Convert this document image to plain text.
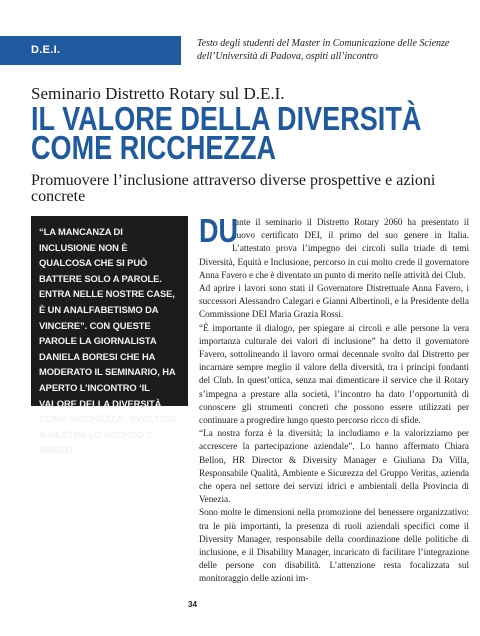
D.E.I.
Testo degli studenti del Master in Comunicazione delle Scienze dell’Università di Padova, ospiti all’incontro
Seminario Distretto Rotary sul D.E.I.
IL VALORE DELLA DIVERSITÀ
COME RICCHEZZA
Promuovere l’inclusione attraverso diverse prospettive e azioni concrete
“LA MANCANZA DI INCLUSIONE NON È QUALCOSA CHE SI PUÒ BATTERE SOLO A PAROLE. ENTRA NELLE NOSTRE CASE, È UN ANALFABETISMO DA VINCERE”. CON QUESTE PAROLE LA GIORNALISTA DANIELA BORESI CHE HA MODERATO IL SEMINARIO, HA APERTO L’INCONTRO ‘IL VALORE DELLA DIVERSITÀ COME RICCHEZZA’, SVOLTOSI A MESTRE LO SCORSO 2 MARZO.

DU
rante il seminario il Distretto Rotary 2060 ha presentato il nuovo certificato DEI, il primo del suo genere in Italia. L’attestato prova l’impegno dei circoli sulla triade di temi Diversità, Equità e Inclusione, percorso in cui molto crede il governatore Anna Favero e che è diventato un punto di merito nelle attività dei Club.

Ad aprire i lavori sono stati il Governatore Distrettuale Anna Favero, i successori Alessandro Calegari e Gianni Albertinoli, e la Presidente della Commissione DEI Maria Grazia Rossi.

“È importante il dialogo, per spiegare ai circoli e alle persone la vera importanza culturale dei valori di inclusione” ha detto il governatore Favero, sottolineando il lavoro ormai decennale svolto dal Distretto per incarnare sempre meglio il valore della diversità, tra i principi fondanti del Club. In quest’ottica, senza mai dimenticare il service che il Rotary s’impegna a prestare alla società, l’incontro ha dato l’opportunità di conoscere gli strumenti concreti che possono essere utilizzati per continuare a progredire lungo questo percorso ricco di sfide.

“La nostra forza è la diversità; la includiamo e la valorizziamo per accrescere la partecipazione aziendale”. Lo hanno affermato Chiara Bellon, HR Director & Diversity Manager e Giuliana Da Villa, Responsabile Qualità, Ambiente e Sicurezza del Gruppo Veritas, azienda che opera nel settore dei servizi idrici e ambientali della Provincia di Venezia.

Sono molte le dimensioni nella promozione del benessere organizzativo: tra le più importanti, la presenza di ruoli aziendali specifici come il Diversity Manager, responsabile della coordinazione delle politiche di inclusione, e il Disability Manager, incaricato di facilitare l’integrazione delle persone con disabilità. L’attenzione resta focalizzata sul monitoraggio delle azioni im-

34
